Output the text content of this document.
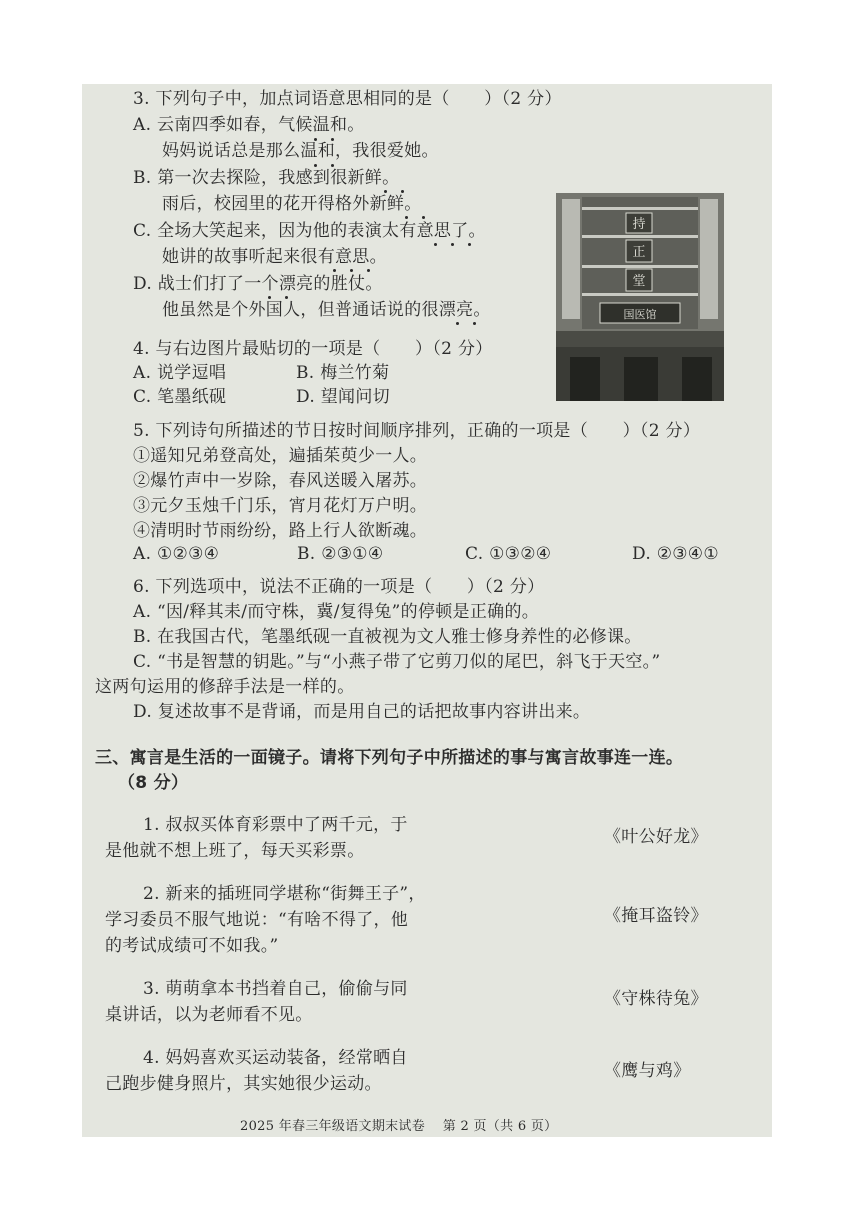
3. 下列句子中，加点词语意思相同的是（　　）（2 分）
A. 云南四季如春，气候温和。
妈妈说话总是那么温和，我很爱她。
B. 第一次去探险，我感到很新鲜。
雨后，校园里的花开得格外新鲜。
C. 全场大笑起来，因为他的表演太有意思了。
她讲的故事听起来很有意思。
D. 战士们打了一个漂亮的胜仗。
他虽然是个外国人，但普通话说的很漂亮。
持
正
堂
国医馆
4. 与右边图片最贴切的一项是（　　）（2 分）
A. 说学逗唱	B. 梅兰竹菊
C. 笔墨纸砚	D. 望闻问切
5. 下列诗句所描述的节日按时间顺序排列，正确的一项是（　　）（2 分）
①遥知兄弟登高处，遍插茱萸少一人。
②爆竹声中一岁除，春风送暖入屠苏。
③元夕玉烛千门乐，宵月花灯万户明。
④清明时节雨纷纷，路上行人欲断魂。
A. ①②③④	B. ②③①④	C. ①③②④	D. ②③④①
6. 下列选项中，说法不正确的一项是（　　）（2 分）
A. “因/释其耒/而守株，冀/复得兔”的停顿是正确的。
B. 在我国古代，笔墨纸砚一直被视为文人雅士修身养性的必修课。
C. “书是智慧的钥匙。”与“小燕子带了它剪刀似的尾巴，斜飞于天空。”
这两句运用的修辞手法是一样的。
D. 复述故事不是背诵，而是用自己的话把故事内容讲出来。
三、寓言是生活的一面镜子。请将下列句子中所描述的事与寓言故事连一连。
（8 分）
1. 叔叔买体育彩票中了两千元，于
是他就不想上班了，每天买彩票。
2. 新来的插班同学堪称“街舞王子”，
学习委员不服气地说：“有啥不得了，他
的考试成绩可不如我。”
3. 萌萌拿本书挡着自己，偷偷与同
桌讲话，以为老师看不见。
4. 妈妈喜欢买运动装备，经常晒自
己跑步健身照片，其实她很少运动。
《叶公好龙》
《掩耳盗铃》
《守株待兔》
《鹰与鸡》
2025 年春三年级语文期末试卷　 第 2 页（共 6 页）
